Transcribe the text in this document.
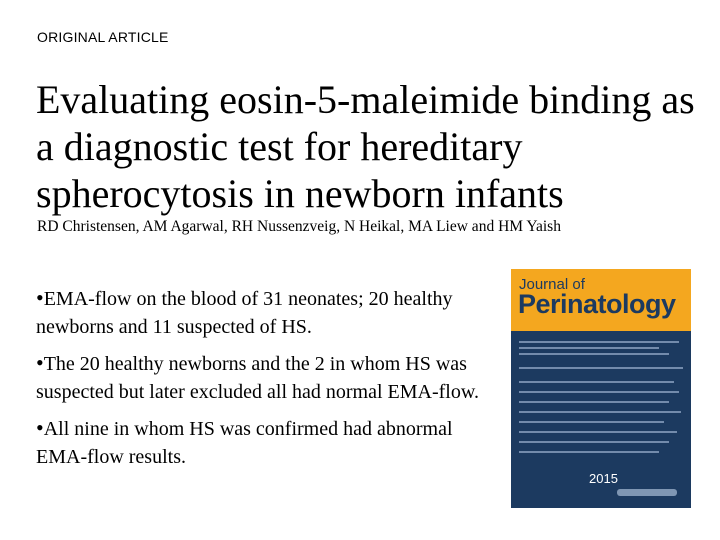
ORIGINAL ARTICLE
Evaluating eosin-5-maleimide binding as a diagnostic test for hereditary spherocytosis in newborn infants
RD Christensen, AM Agarwal, RH Nussenzveig, N Heikal, MA Liew and HM Yaish
•EMA-flow on the blood of 31 neonates; 20 healthy newborns and 11 suspected of HS.
•The 20 healthy newborns and the 2 in whom HS was suspected but later excluded all had normal EMA-flow.
•All nine in whom HS was confirmed had abnormal EMA-flow results.
Journal of
Perinatology
2015
